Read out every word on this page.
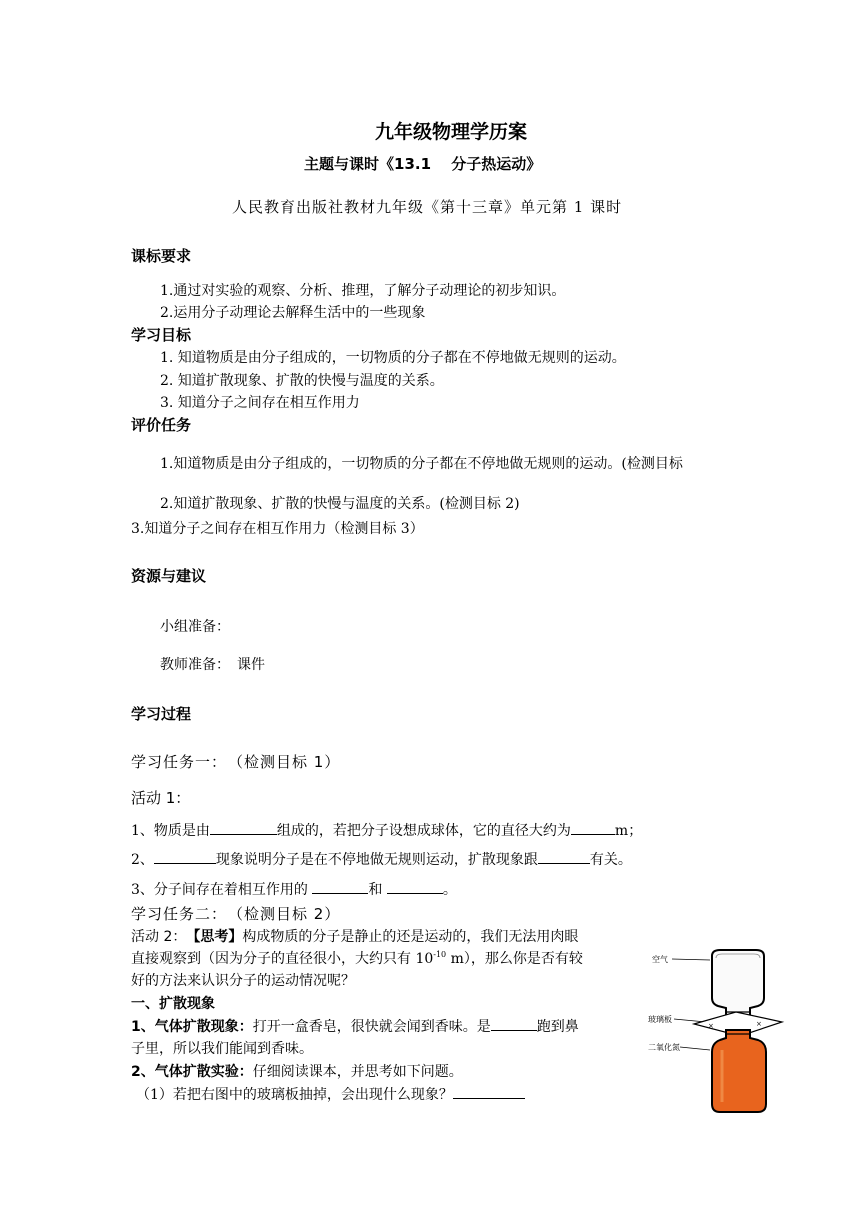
九年级物理学历案
主题与课时《13.1　 分子热运动》
人民教育出版社教材九年级《第十三章》单元第 1 课时
课标要求
1.通过对实验的观察、分析、推理，了解分子动理论的初步知识。
2.运用分子动理论去解释生活中的一些现象
学习目标
1. 知道物质是由分子组成的，一切物质的分子都在不停地做无规则的运动。
2. 知道扩散现象、扩散的快慢与温度的关系。
3. 知道分子之间存在相互作用力
评价任务
1.知道物质是由分子组成的，一切物质的分子都在不停地做无规则的运动。(检测目标
2.知道扩散现象、扩散的快慢与温度的关系。(检测目标 2)
3.知道分子之间存在相互作用力（检测目标 3）
资源与建议
小组准备：
教师准备：　课件
学习过程
学习任务一：　（检测目标 1）
活动 1：
1、物质是由	组成的，若把分子设想成球体，它的直径大约为	m；
2、	现象说明分子是在不停地做无规则运动，扩散现象跟	有关。
3、分子间存在着相互作用的	和	。
学习任务二：　（检测目标 2）
活动 2：　【思考】构成物质的分子是静止的还是运动的，我们无法用肉眼
直接观察到（因为分子的直径很小，大约只有 $10^{-10}$ m），那么你是否有较
好的方法来认识分子的运动情况呢？
一、扩散现象
1、气体扩散现象：打开一盒香皂，很快就会闻到香味。是	跑到鼻
子里，所以我们能闻到香味。
2、气体扩散实验：仔细阅读课本，并思考如下问题。
（1）若把右图中的玻璃板抽掉，会出现什么现象？
空气
玻璃板
二氧化氮
×	×
